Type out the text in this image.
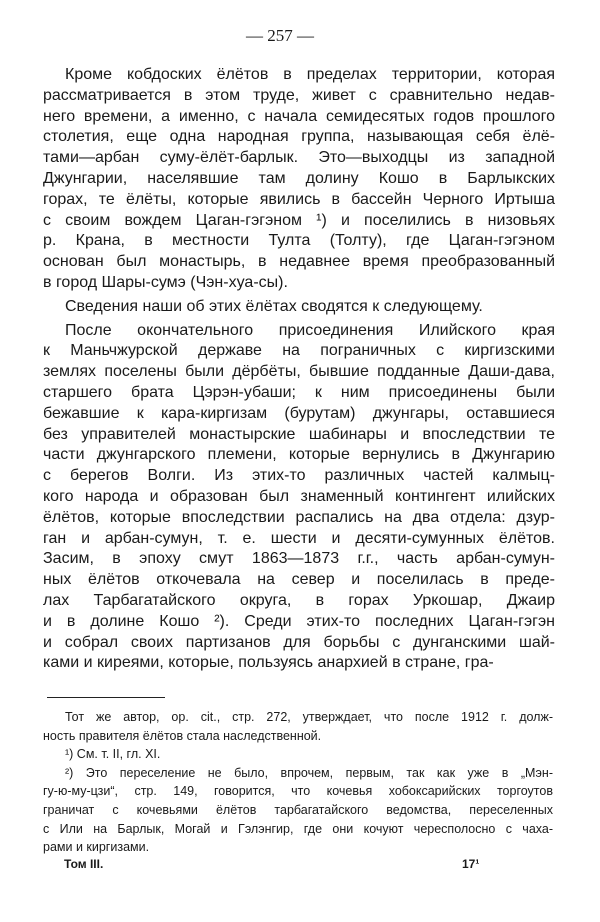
— 257 —
Кроме кобдоских ёлётов в пределах территории, которая
рассматривается в этом труде, живет с сравнительно недав-
него времени, а именно, с начала семидесятых годов прошлого
столетия, еще одна народная группа, называющая себя ёлё-
тами—арбан суму-ёлёт-барлык. Это—выходцы из западной
Джунгарии, населявшие там долину Кошо в Барлыкских
горах, те ёлёты, которые явились в бассейн Черного Иртыша
с своим вождем Цаган-гэгэном ¹) и поселились в низовьях
р. Крана, в местности Тулта (Толту), где Цаган-гэгэном
основан был монастырь, в недавнее время преобразованный
в город Шары-сумэ (Чэн-хуа-сы).
Сведения наши об этих ёлётах сводятся к следующему.
После окончательного присоединения Илийского края
к Маньчжурской державе на пограничных с киргизскими
землях поселены были дёрбёты, бывшие подданные Даши-дава,
старшего брата Цэрэн-убаши; к ним присоединены были
бежавшие к кара-киргизам (бурутам) джунгары, оставшиеся
без управителей монастырские шабинары и впоследствии те
части джунгарского племени, которые вернулись в Джунгарию
с берегов Волги. Из этих-то различных частей калмыц-
кого народа и образован был знаменный контингент илийских
ёлётов, которые впоследствии распались на два отдела: дзур-
ган и арбан-сумун, т. е. шести и десяти-сумунных ёлётов.
Засим, в эпоху смут 1863—1873 г.г., часть арбан-сумун-
ных ёлётов откочевала на север и поселилась в преде-
лах Тарбагатайского округа, в горах Уркошар, Джаир
и в долине Кошо ²). Среди этих-то последних Цаган-гэгэн
и собрал своих партизанов для борьбы с дунганскими шай-
ками и киреями, которые, пользуясь анархией в стране, гра-
Тот же автор, op. cit., стр. 272, утверждает, что после 1912 г. долж-
ность правителя ёлётов стала наследственной.
¹) См. т. II, гл. XI.
²) Это переселение не было, впрочем, первым, так как уже в „Мэн-
гу-ю-му-цзи“, стр. 149, говорится, что кочевья хобоксарийских торгоутов
граничат с кочевьями ёлётов тарбагатайского ведомства, переселенных
с Или на Барлык, Могай и Гэлэнгир, где они кочуют чересполосно с чаха-
рами и киргизами.
Том III.	17¹
